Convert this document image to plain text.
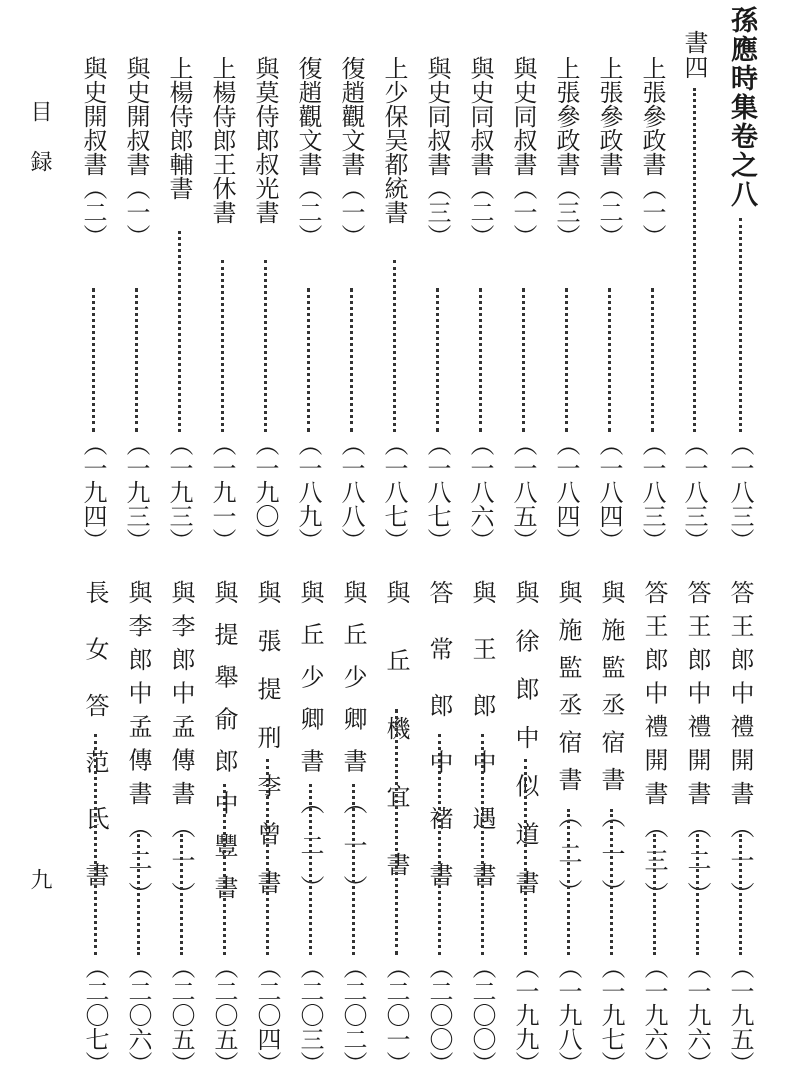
目
録
九
孫應時集卷之八
（一八三）
書四
（一八三）
上張參政書（一）
（一八三）
上張參政書（二）
（一八四）
上張參政書（三）
（一八四）
與史同叔書（一）
（一八五）
與史同叔書（二）
（一八六）
與史同叔書（三）
（一八七）
上少保吴都統書
（一八七）
復趙觀文書（一）
（一八八）
復趙觀文書（二）
（一八九）
與莫侍郎叔光書
（一九〇）
上楊侍郎王休書
（一九一）
上楊侍郎輔書
（一九三）
與史開叔書（一）
（一九三）
與史開叔書（二）
（一九四）
答王郎中禮開書（一）
（一九五）
答王郎中禮開書（二）
（一九六）
答王郎中禮開書（三）
（一九六）
與施監丞宿書（一）
（一九七）
與施監丞宿書（二）
（一九八）
與徐郎中似道書
（一九九）
與王郎中遇書
（二〇〇）
答常郎中褚書
（二〇〇）
與丘機宜書
（二〇一）
與丘少卿書（一）
（二〇二）
與丘少卿書（二）
（二〇三）
與張提刑李曾書
（二〇四）
與提舉俞郎中豐書
（二〇五）
與李郎中孟傳書（一）
（二〇五）
與李郎中孟傳書（二）
（二〇六）
長女答范氏書
（二〇七）
